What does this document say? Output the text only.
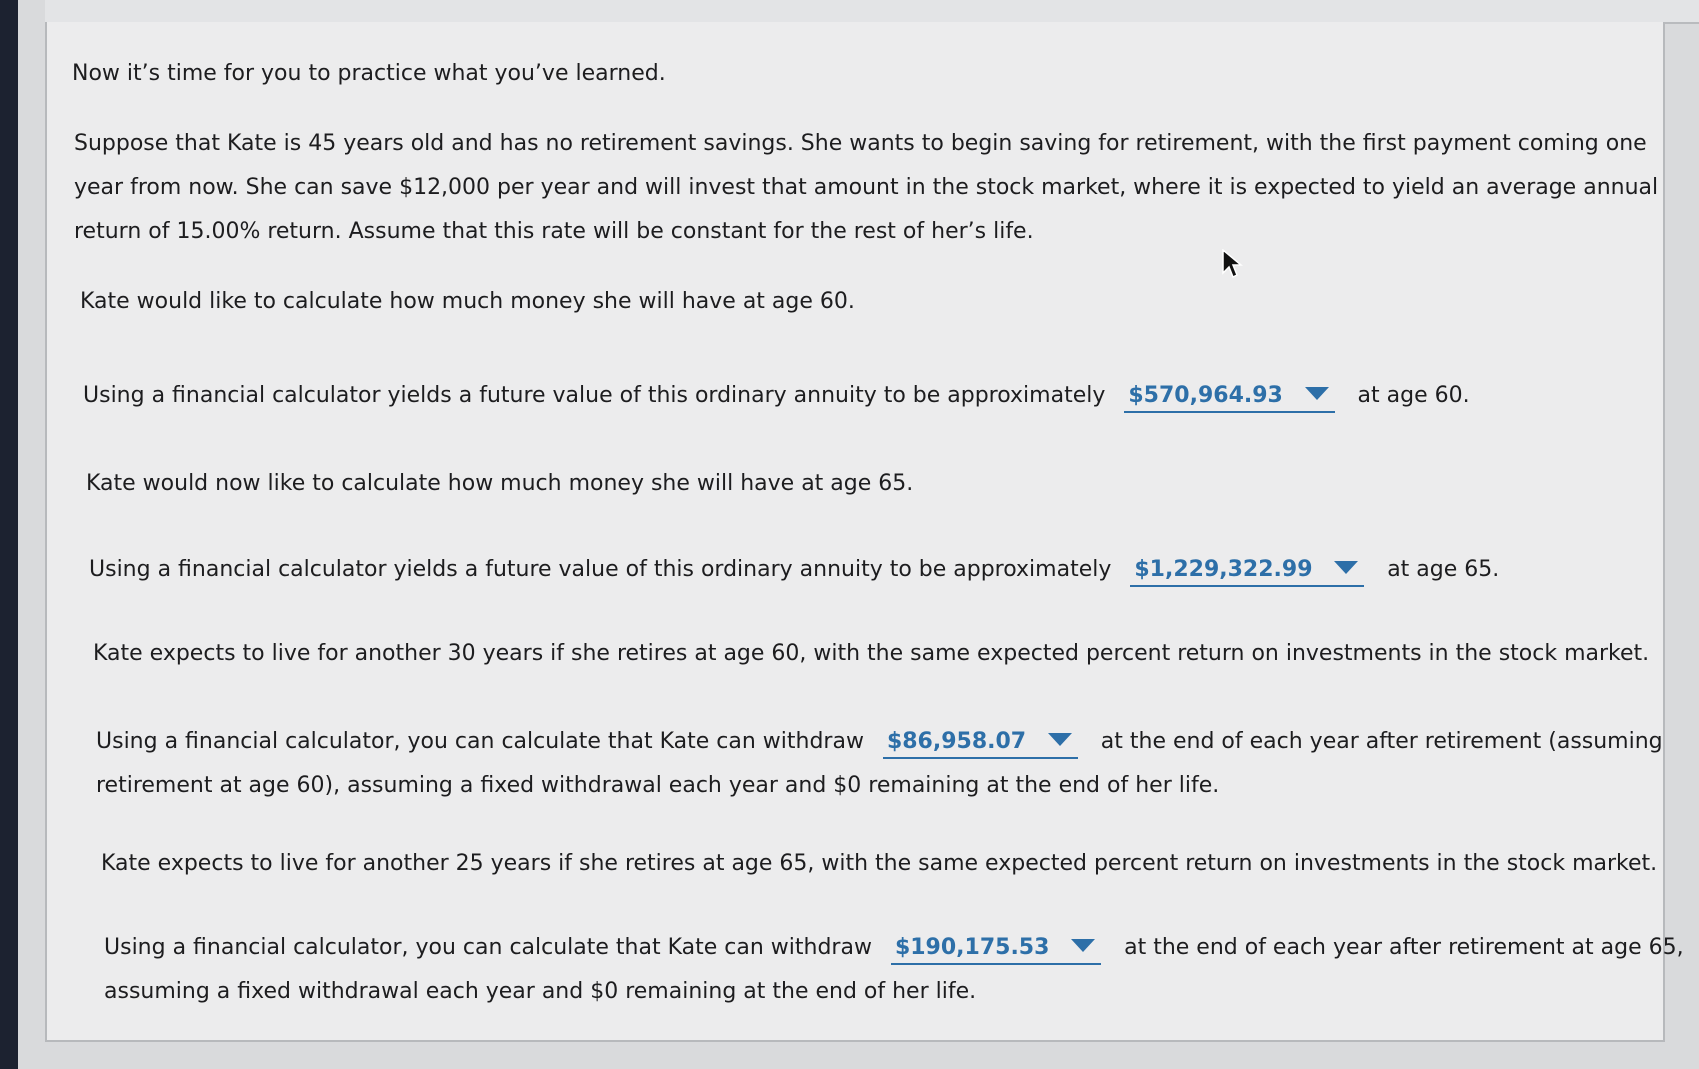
Now it’s time for you to practice what you’ve learned.
Suppose that Kate is 45 years old and has no retirement savings. She wants to begin saving for retirement, with the first payment coming one
year from now. She can save $12,000 per year and will invest that amount in the stock market, where it is expected to yield an average annual
return of 15.00% return. Assume that this rate will be constant for the rest of her’s life.
Kate would like to calculate how much money she will have at age 60.
Using a financial calculator yields a future value of this ordinary annuity to be approximately $570,964.93	at age 60.
Kate would now like to calculate how much money she will have at age 65.
Using a financial calculator yields a future value of this ordinary annuity to be approximately $1,229,322.99	at age 65.
Kate expects to live for another 30 years if she retires at age 60, with the same expected percent return on investments in the stock market.
Using a financial calculator, you can calculate that Kate can withdraw $86,958.07	at the end of each year after retirement (assuming
retirement at age 60), assuming a fixed withdrawal each year and $0 remaining at the end of her life.
Kate expects to live for another 25 years if she retires at age 65, with the same expected percent return on investments in the stock market.
Using a financial calculator, you can calculate that Kate can withdraw $190,175.53	at the end of each year after retirement at age 65,
assuming a fixed withdrawal each year and $0 remaining at the end of her life.
